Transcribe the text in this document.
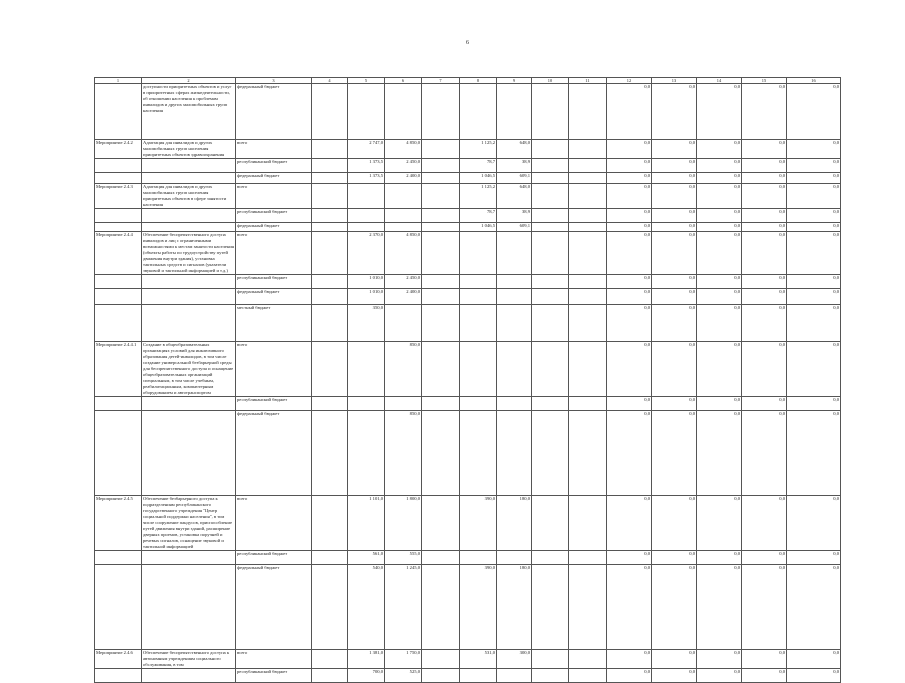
6
1	2	3	4	5	6	7	8	9	10	11	12	13	14	15	16
	доступности приоритетных объектов и услуг в приоритетных сферах жизнедеятельности, об отношении населения к проблемам инвалидов и других маломобильных групп населения	федеральный бюджет									0,0	0,0	0,0	0,0	0,0
Мероприятие 2.4.2	Адаптация для инвалидов и других маломобильных групп населения приоритетных объектов здравоохранения	всего		2 747,0	4 850,0		1 125,2	648,0			0,0	0,0	0,0	0,0	0,0
		республиканский бюджет		1 373,5	2 450,0		78,7	38,9			0,0	0,0	0,0	0,0	0,0
		федеральный бюджет		1 373,5	2 400,0		1 046,5	609,1			0,0	0,0	0,0	0,0	0,0
Мероприятие 2.4.3	Адаптация для инвалидов и других маломобильных групп населения приоритетных объектов в сфере занятости населения	всего					1 125,2	648,0			0,0	0,0	0,0	0,0	0,0
		республиканский бюджет					78,7	38,9			0,0	0,0	0,0	0,0	0,0
		федеральный бюджет					1 046,5	609,1			0,0	0,0	0,0	0,0	0,0
Мероприятие 2.4.4	Обеспечение беспрепятственного доступа инвалидов и лиц с ограниченными возможностями к местам занятости населения (объекты работы по трудоустройству путей движения внутри здания), установка тактильных средств и сигналов (указатели звуковой и тактильной информацией и т.д.)	всего		2 370,0	4 850,0						0,0	0,0	0,0	0,0	0,0
		республиканский бюджет		1 010,0	2 450,0						0,0	0,0	0,0	0,0	0,0
		федеральный бюджет		1 010,0	2 400,0						0,0	0,0	0,0	0,0	0,0
		местный бюджет		350,0							0,0	0,0	0,0	0,0	0,0
Мероприятие 2.4.4.1	Создание в общеобразовательных организациях условий для инклюзивного образования детей-инвалидов, в том числе создание универсальной безбарьерной среды для беспрепятственного доступа и оснащение общеобразовательных организаций специальным, в том числе учебным, реабилитационным, компьютерным оборудованием и автотранспортом	всего			850,0						0,0	0,0	0,0	0,0	0,0
		республиканский бюджет									0,0	0,0	0,0	0,0	0,0
		федеральный бюджет			850,0						0,0	0,0	0,0	0,0	0,0
Мероприятие 2.4.5	Обеспечение безбарьерного доступа к подразделениям республиканского государственного учреждения "Центр социальной поддержки населения", в том числе сооружение пандусов, приспособление путей движения внутри зданий, расширение дверных проемов, установка поручней и речевых сигналов, оснащение звуковой и тактильной информацией	всего		1 101,0	1 800,0		390,0	180,0			0,0	0,0	0,0	0,0	0,0
		республиканский бюджет		561,0	555,0						0,0	0,0	0,0	0,0	0,0
		федеральный бюджет		540,0	1 245,0		390,0	180,0			0,0	0,0	0,0	0,0	0,0
Мероприятие 2.4.6	Обеспечение беспрепятственного доступа к автономным учреждениям социального обслуживания, в том	всего		1 381,0	1 750,0		531,0	300,0			0,0	0,0	0,0	0,0	0,0
		республиканский бюджет		700,0	525,0						0,0	0,0	0,0	0,0	0,0
